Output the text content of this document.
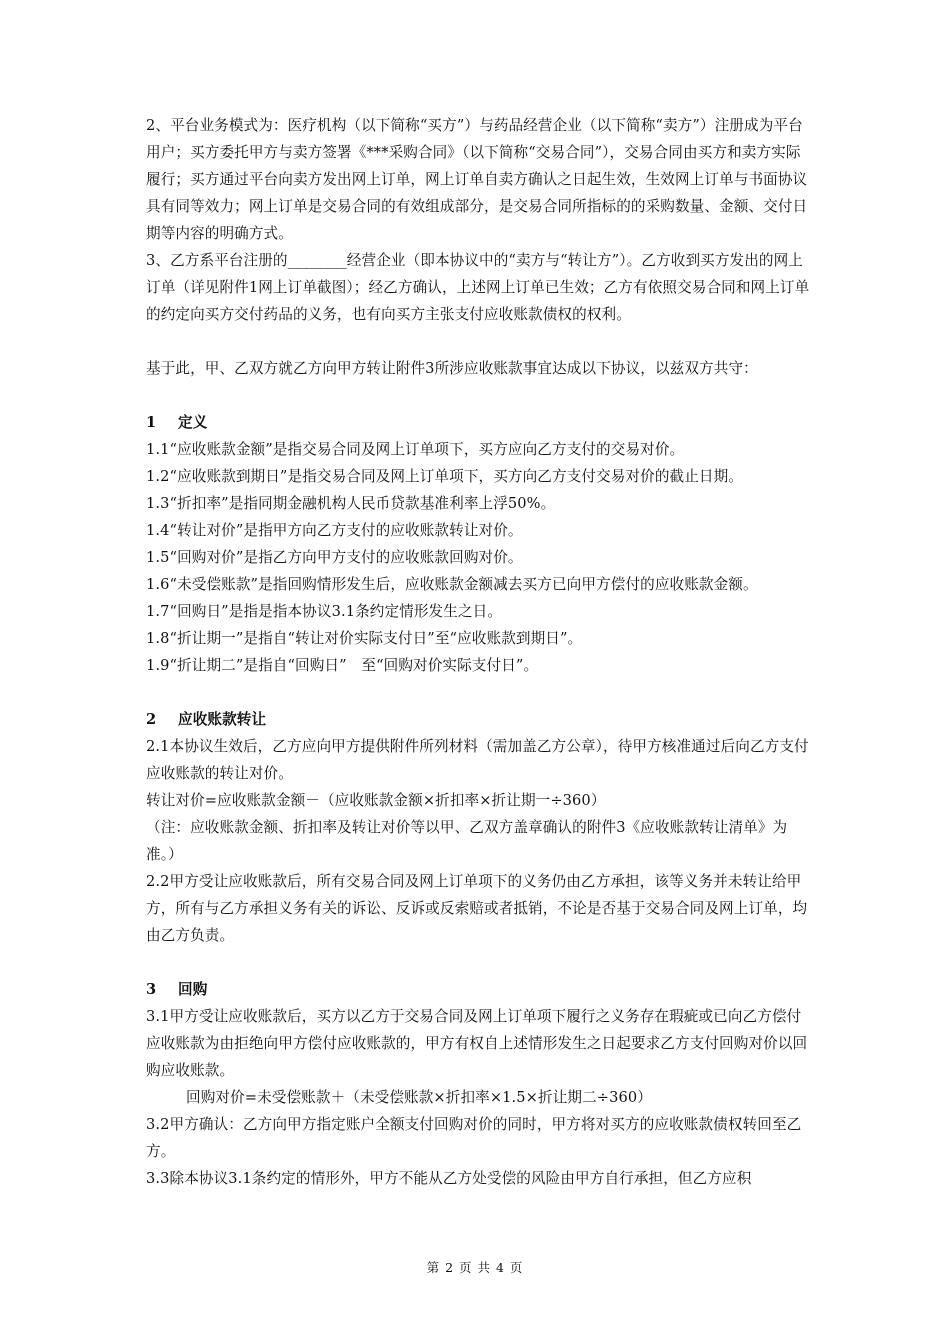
2、平台业务模式为：医疗机构（以下简称“买方”）与药品经营企业（以下简称“卖方”）注册成为平台用户；买方委托甲方与卖方签署《***采购合同》（以下简称“交易合同”），交易合同由买方和卖方实际履行；买方通过平台向卖方发出网上订单，网上订单自卖方确认之日起生效，生效网上订单与书面协议具有同等效力；网上订单是交易合同的有效组成部分，是交易合同所指标的的采购数量、金额、交付日期等内容的明确方式。

3、乙方系平台注册的________经营企业（即本协议中的“卖方与“转让方”）。乙方收到买方发出的网上订单（详见附件1网上订单截图）；经乙方确认，上述网上订单已生效；乙方有依照交易合同和网上订单的约定向买方交付药品的义务，也有向买方主张支付应收账款债权的权利。

基于此，甲、乙双方就乙方向甲方转让附件3所涉应收账款事宜达成以下协议，以兹双方共守：

1 定义

1.1“应收账款金额”是指交易合同及网上订单项下，买方应向乙方支付的交易对价。

1.2“应收账款到期日”是指交易合同及网上订单项下，买方向乙方支付交易对价的截止日期。

1.3“折扣率”是指同期金融机构人民币贷款基准利率上浮50%。

1.4“转让对价”是指甲方向乙方支付的应收账款转让对价。

1.5“回购对价”是指乙方向甲方支付的应收账款回购对价。

1.6“未受偿账款”是指回购情形发生后，应收账款金额减去买方已向甲方偿付的应收账款金额。

1.7“回购日”是指是指本协议3.1条约定情形发生之日。

1.8“折让期一”是指自“转让对价实际支付日”至“应收账款到期日”。

1.9“折让期二”是指自“回购日”　至“回购对价实际支付日”。

2 应收账款转让

2.1本协议生效后，乙方应向甲方提供附件所列材料（需加盖乙方公章），待甲方核准通过后向乙方支付应收账款的转让对价。

转让对价=应收账款金额－（应收账款金额×折扣率×折让期一÷360）

（注：应收账款金额、折扣率及转让对价等以甲、乙双方盖章确认的附件3《应收账款转让清单》为准。）

2.2甲方受让应收账款后，所有交易合同及网上订单项下的义务仍由乙方承担，该等义务并未转让给甲方，所有与乙方承担义务有关的诉讼、反诉或反索赔或者抵销，不论是否基于交易合同及网上订单，均由乙方负责。

3 回购

3.1甲方受让应收账款后，买方以乙方于交易合同及网上订单项下履行之义务存在瑕疵或已向乙方偿付应收账款为由拒绝向甲方偿付应收账款的，甲方有权自上述情形发生之日起要求乙方支付回购对价以回购应收账款。

回购对价=未受偿账款＋（未受偿账款×折扣率×1.5×折让期二÷360）

3.2甲方确认：乙方向甲方指定账户全额支付回购对价的同时，甲方将对买方的应收账款债权转回至乙方。

3.3除本协议3.1条约定的情形外，甲方不能从乙方处受偿的风险由甲方自行承担，但乙方应积

第 2 页 共 4 页
